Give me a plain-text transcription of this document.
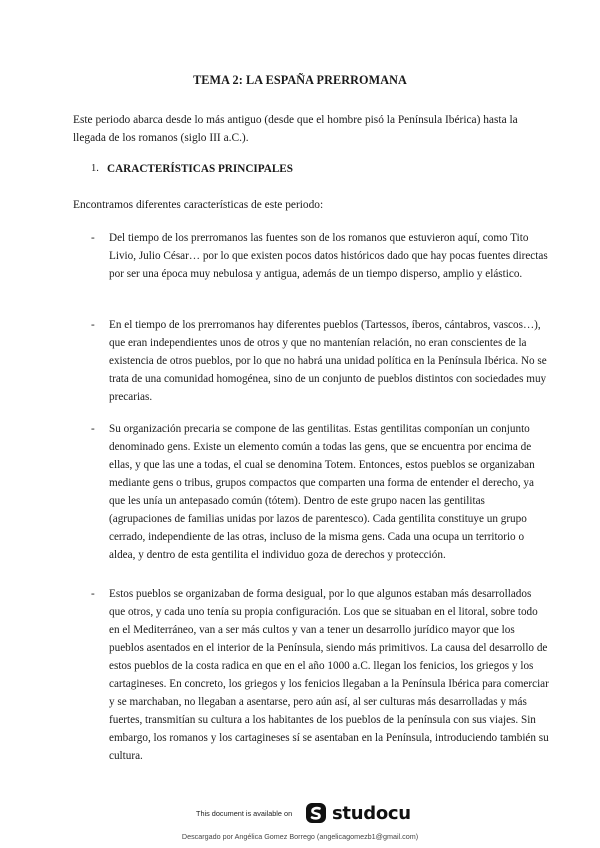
TEMA 2: LA ESPAÑA PRERROMANA

Este periodo abarca desde lo más antiguo (desde que el hombre pisó la Península Ibérica) hasta la llegada de los romanos (siglo III a.C.).

1. CARACTERÍSTICAS PRINCIPALES

Encontramos diferentes características de este periodo:

- Del tiempo de los prerromanos las fuentes son de los romanos que estuvieron aquí, como Tito Livio, Julio César… por lo que existen pocos datos históricos dado que hay pocas fuentes directas por ser una época muy nebulosa y antigua, además de un tiempo disperso, amplio y elástico.

- En el tiempo de los prerromanos hay diferentes pueblos (Tartessos, íberos, cántabros, vascos…), que eran independientes unos de otros y que no mantenían relación, no eran conscientes de la existencia de otros pueblos, por lo que no habrá una unidad política en la Península Ibérica. No se trata de una comunidad homogénea, sino de un conjunto de pueblos distintos con sociedades muy precarias.

- Su organización precaria se compone de las gentilitas. Estas gentilitas componían un conjunto denominado gens. Existe un elemento común a todas las gens, que se encuentra por encima de ellas, y que las une a todas, el cual se denomina Totem. Entonces, estos pueblos se organizaban mediante gens o tribus, grupos compactos que comparten una forma de entender el derecho, ya que les unía un antepasado común (tótem). Dentro de este grupo nacen las gentilitas (agrupaciones de familias unidas por lazos de parentesco). Cada gentilita constituye un grupo cerrado, independiente de las otras, incluso de la misma gens. Cada una ocupa un territorio o aldea, y dentro de esta gentilita el individuo goza de derechos y protección.

- Estos pueblos se organizaban de forma desigual, por lo que algunos estaban más desarrollados que otros, y cada uno tenía su propia configuración. Los que se situaban en el litoral, sobre todo en el Mediterráneo, van a ser más cultos y van a tener un desarrollo jurídico mayor que los pueblos asentados en el interior de la Península, siendo más primitivos. La causa del desarrollo de estos pueblos de la costa radica en que en el año 1000 a.C. llegan los fenicios, los griegos y los cartagineses. En concreto, los griegos y los fenicios llegaban a la Península Ibérica para comerciar y se marchaban, no llegaban a asentarse, pero aún así, al ser culturas más desarrolladas y más fuertes, transmitían su cultura a los habitantes de los pueblos de la península con sus viajes. Sin embargo, los romanos y los cartagineses sí se asentaban en la Península, introduciendo también su cultura.

This document is available on studocu
Descargado por Angélica Gomez Borrego (angelicagomezb1@gmail.com)
